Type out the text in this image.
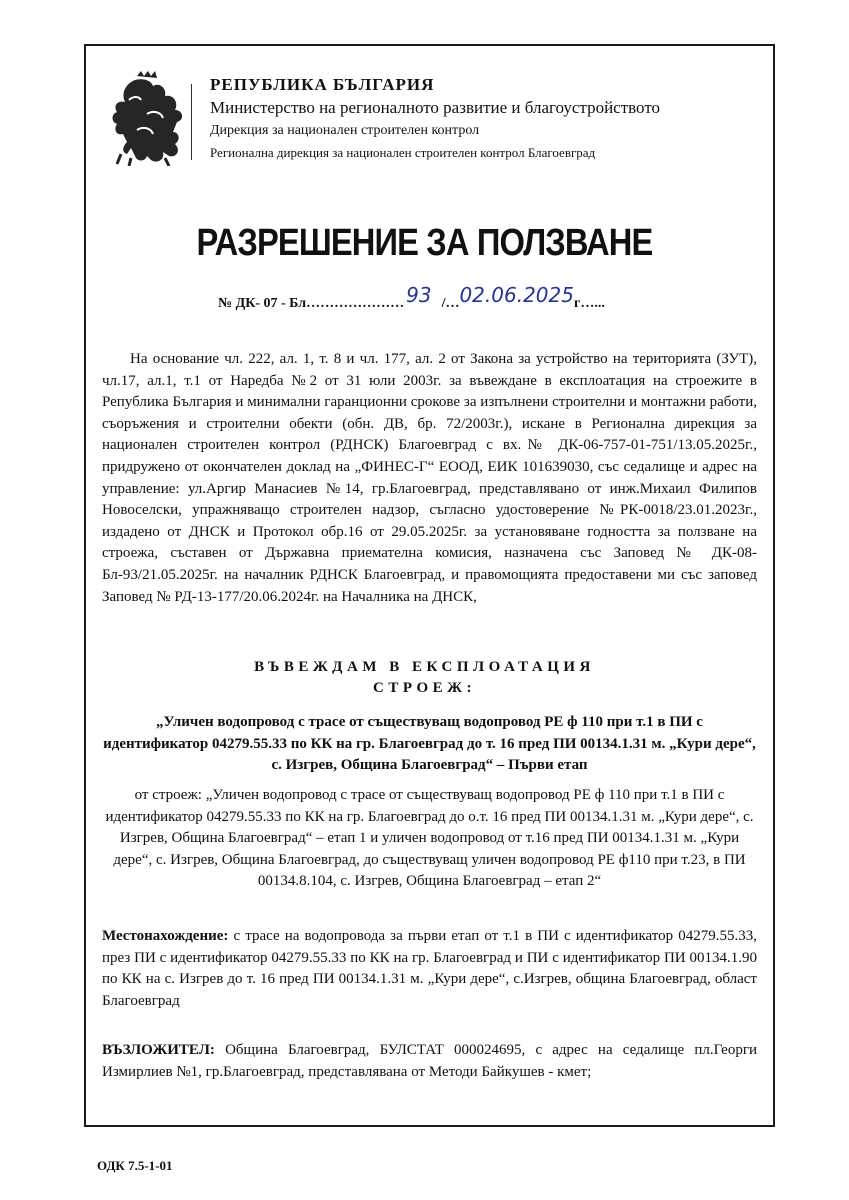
РЕПУБЛИКА БЪЛГАРИЯ
Министерство на регионалното развитие и благоустройството
Дирекция за национален строителен контрол
Регионална дирекция за национален строителен контрол Благоевград
РАЗРЕШЕНИЕ ЗА ПОЛЗВАНЕ
№ ДК- 07 - Бл………………… 93 /…02.06.2025г…...
На основание чл. 222, ал. 1, т. 8 и чл. 177, ал. 2 от Закона за устройство на територията (ЗУТ), чл.17, ал.1, т.1 от Наредба №2 от 31 юли 2003г. за въвеждане в експлоатация на строежите в Република България и минимални гаранционни срокове за изпълнени строителни и монтажни работи, съоръжения и строителни обекти (обн. ДВ, бр. 72/2003г.), искане в Регионална дирекция за национален строителен контрол (РДНСК) Благоевград с вх.№ ДК-06-757-01-751/13.05.2025г., придружено от окончателен доклад на „ФИНЕС-Г“ ЕООД, ЕИК 101639030, със седалище и адрес на управление: ул.Аргир Манасиев №14, гр.Благоевград, представлявано от инж.Михаил Филипов Новоселски, упражняващо строителен надзор, съгласно удостоверение №РК-0018/23.01.2023г., издадено от ДНСК и Протокол обр.16 от 29.05.2025г. за установяване годността за ползване на строежа, съставен от Държавна приемателна комисия, назначена със Заповед № ДК-08-Бл-93/21.05.2025г. на началник РДНСК Благоевград, и правомощията предоставени ми със заповед Заповед № РД-13-177/20.06.2024г. на Началника на ДНСК,
ВЪВЕЖДАМ В ЕКСПЛОАТАЦИЯ
СТРОЕЖ:
„Уличен водопровод с трасе от съществуващ водопровод РЕ ф 110 при т.1 в ПИ с идентификатор 04279.55.33 по КК на гр. Благоевград до т. 16 пред ПИ 00134.1.31 м. „Кури дере“, с. Изгрев, Община Благоевград“ – Първи етап
от строеж: „Уличен водопровод с трасе от съществуващ водопровод РЕ ф 110 при т.1 в ПИ с идентификатор 04279.55.33 по КК на гр. Благоевград до о.т. 16 пред ПИ 00134.1.31 м. „Кури дере“, с. Изгрев, Община Благоевград“ – етап 1 и уличен водопровод от т.16 пред ПИ 00134.1.31 м. „Кури дере“, с. Изгрев, Община Благоевград, до съществуващ уличен водопровод РЕ ф110 при т.23, в ПИ 00134.8.104, с. Изгрев, Община Благоевград – етап 2“
Местонахождение: с трасе на водопровода за първи етап от т.1 в ПИ с идентификатор 04279.55.33, през ПИ с идентификатор 04279.55.33 по КК на гр. Благоевград и ПИ с идентификатор ПИ 00134.1.90 по КК на с. Изгрев до т. 16 пред ПИ 00134.1.31 м. „Кури дере“, с.Изгрев, община Благоевград, област Благоевград
ВЪЗЛОЖИТЕЛ: Община Благоевград, БУЛСТАТ 000024695, с адрес на седалище пл.Георги Измирлиев №1, гр.Благоевград, представлявана от Методи Байкушев - кмет;
ОДК 7.5-1-01
